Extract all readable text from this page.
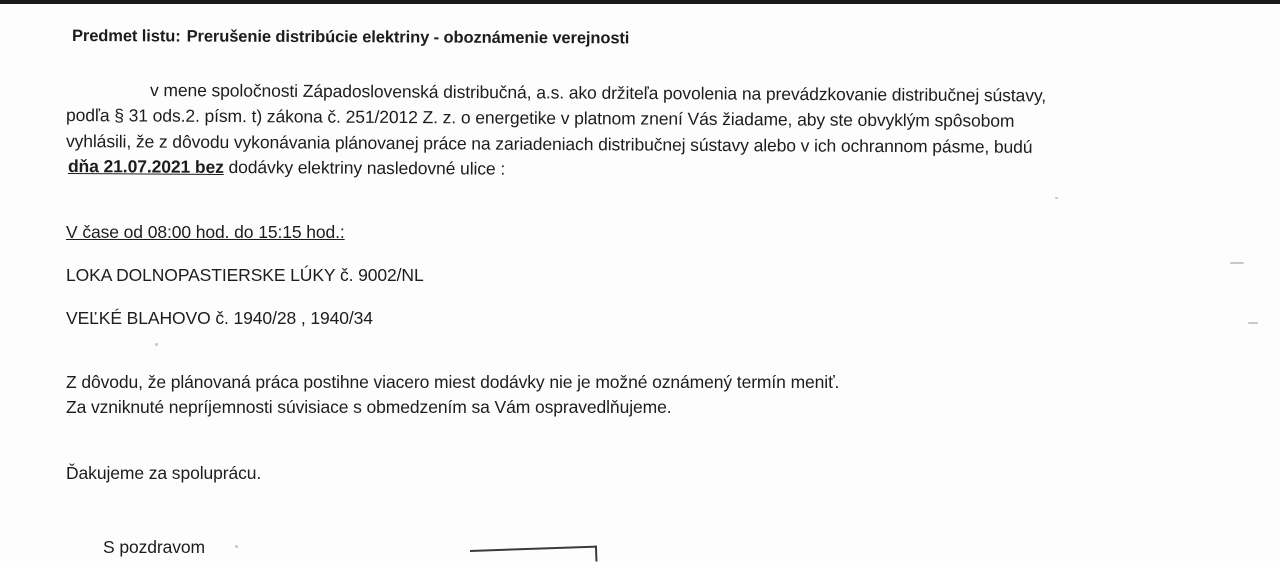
Predmet listu: Prerušenie distribúcie elektriny - oboznámenie verejnosti
v mene spoločnosti Západoslovenská distribučná, a.s. ako držiteľa povolenia na prevádzkovanie distribučnej sústavy,
podľa § 31 ods.2. písm. t) zákona č. 251/2012 Z. z. o energetike v platnom znení Vás žiadame, aby ste obvyklým spôsobom
vyhlásili, že z dôvodu vykonávania plánovanej práce na zariadeniach distribučnej sústavy alebo v ich ochrannom pásme, budú
dňa 21.07.2021 bez dodávky elektriny nasledovné ulice :
V čase od 08:00 hod. do 15:15 hod.:
LOKA DOLNOPASTIERSKE LÚKY č. 9002/NL
VEĽKÉ BLAHOVO č. 1940/28 , 1940/34
Z dôvodu, že plánovaná práca postihne viacero miest dodávky nie je možné oznámený termín meniť.
Za vzniknuté nepríjemnosti súvisiace s obmedzením sa Vám ospravedlňujeme.
Ďakujeme za spoluprácu.
S pozdravom
